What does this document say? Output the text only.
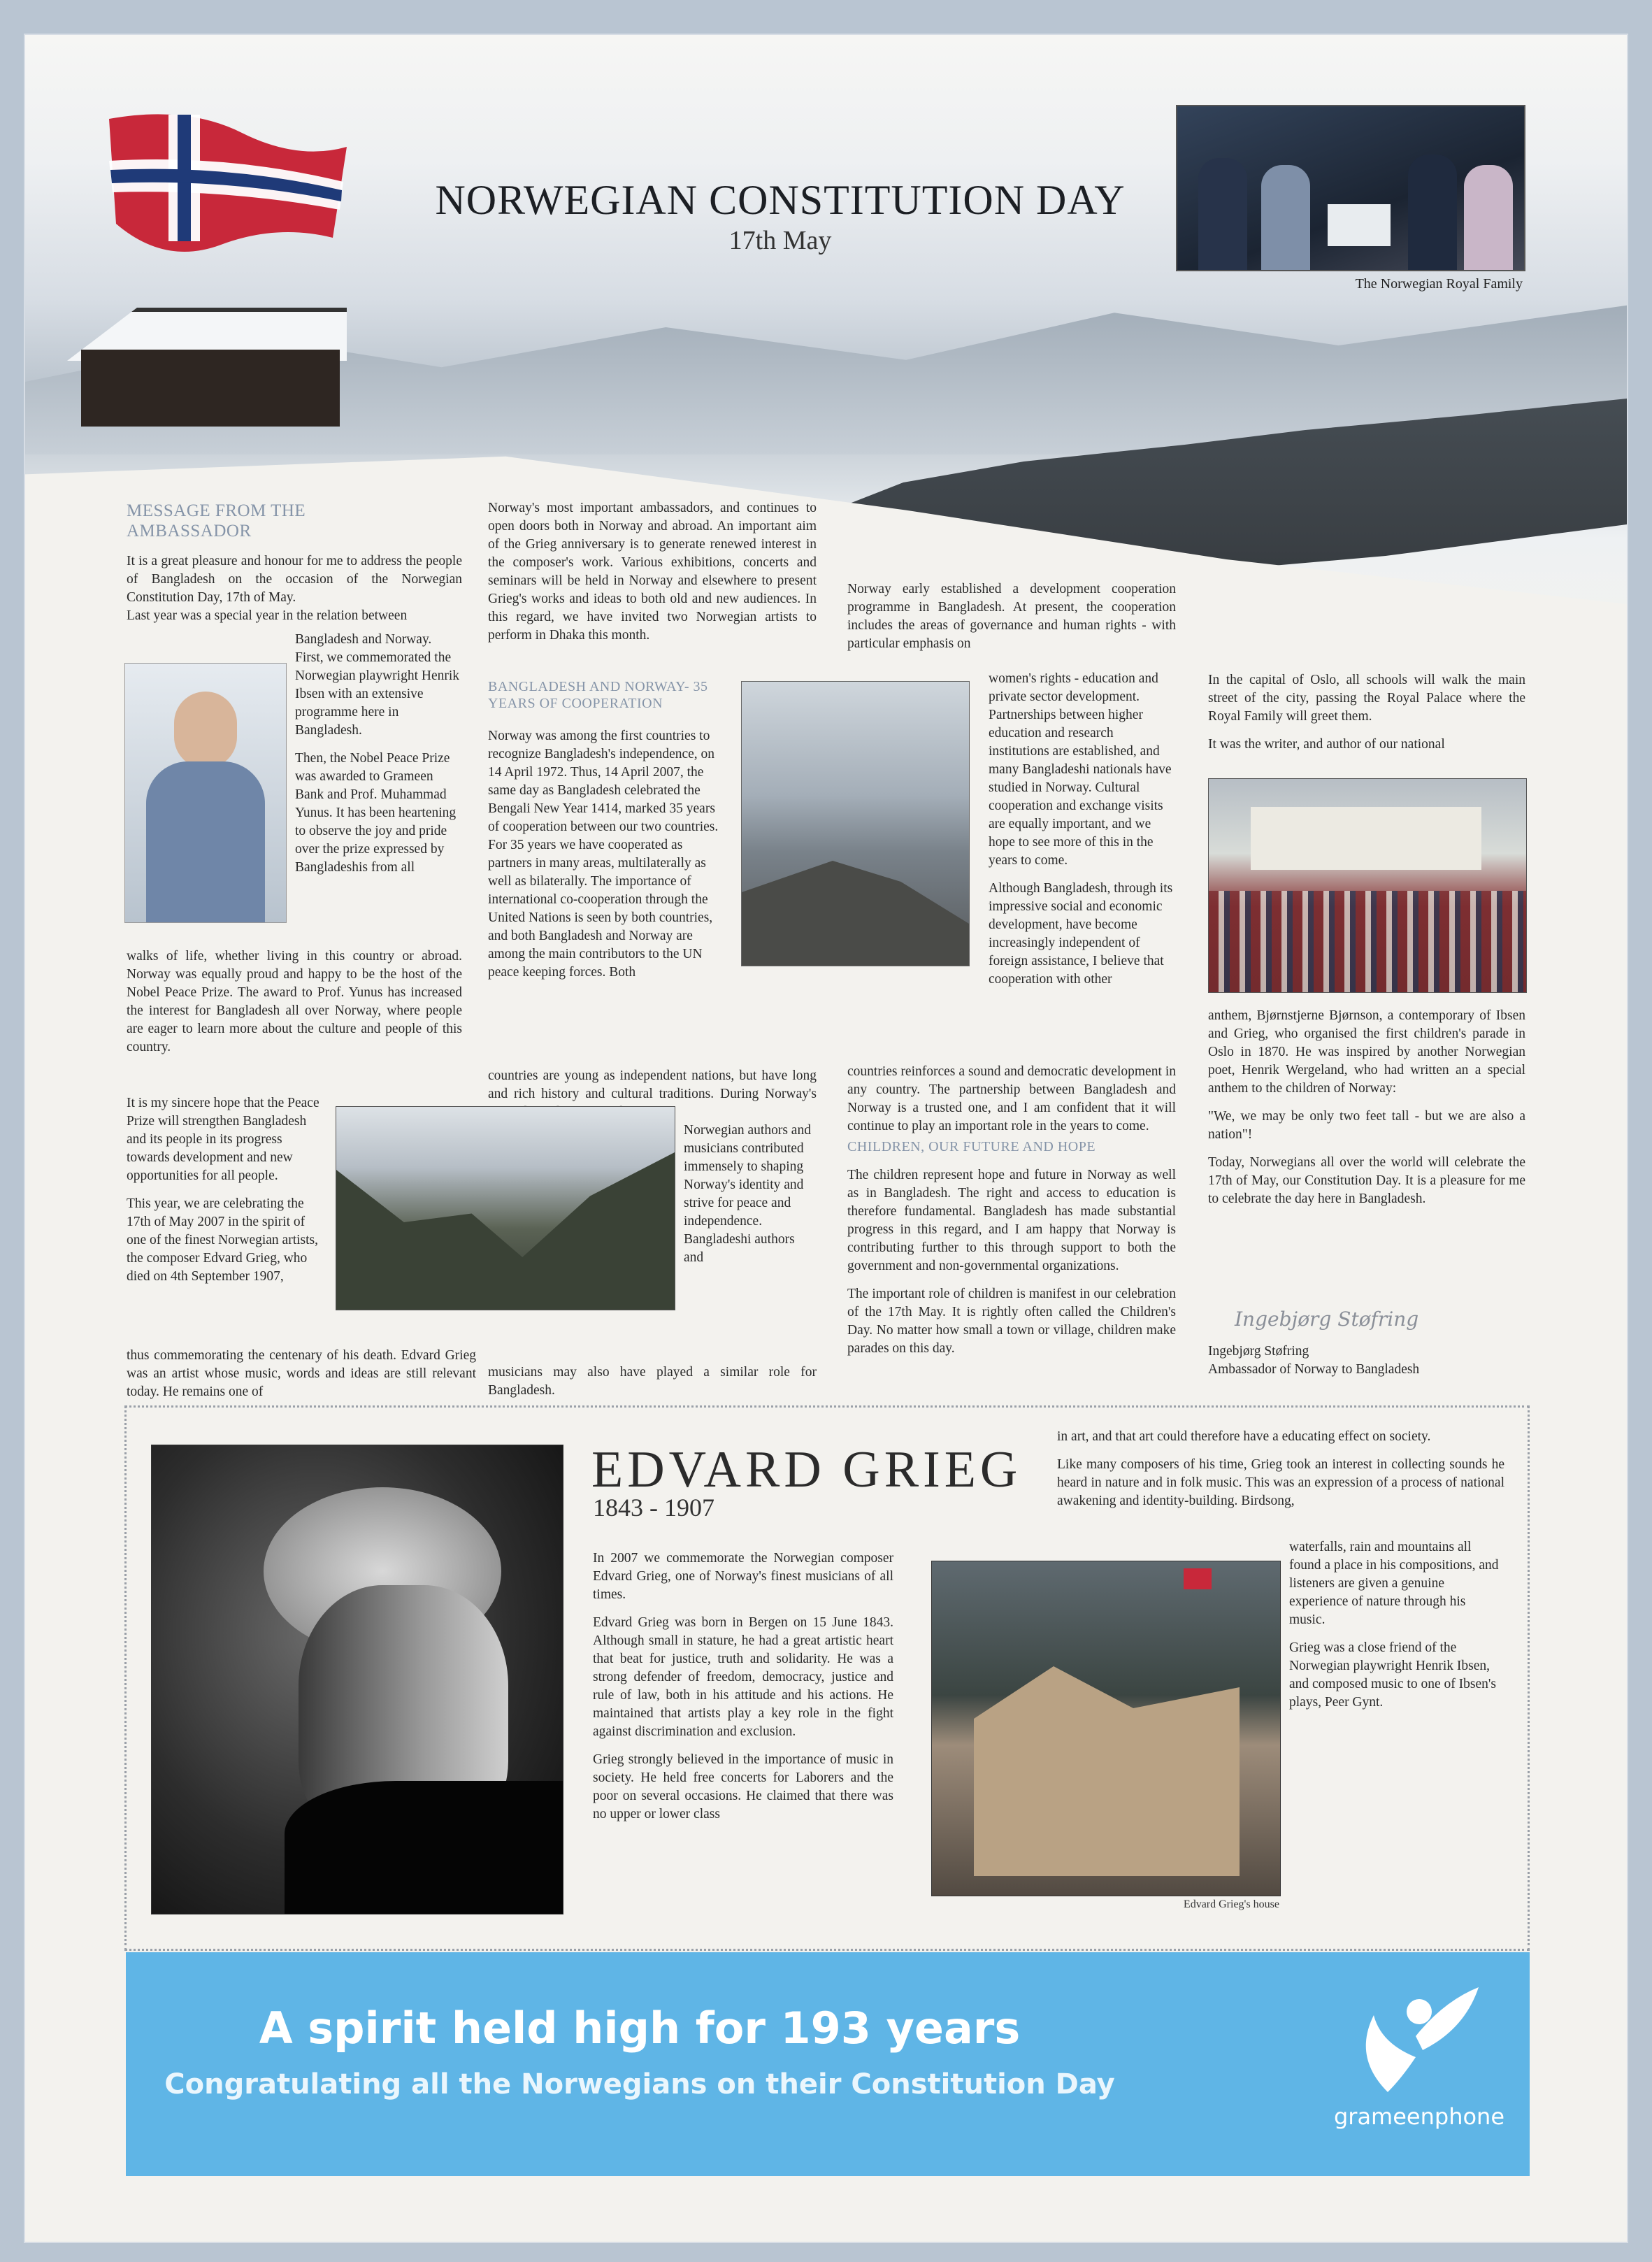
NORWEGIAN CONSTITUTION DAY
17th May
The Norwegian Royal Family
MESSAGE FROM THE AMBASSADOR

It is a great pleasure and honour for me to address the people of Bangladesh on the occasion of the Norwegian Constitution Day, 17th of May.

Last year was a special year in the relation between

Bangladesh and Norway. First, we commemorated the Norwegian playwright Henrik Ibsen with an extensive programme here in Bangladesh.

Then, the Nobel Peace Prize was awarded to Grameen Bank and Prof. Muhammad Yunus. It has been heartening to observe the joy and pride over the prize expressed by Bangladeshis from all

walks of life, whether living in this country or abroad. Norway was equally proud and happy to be the host of the Nobel Peace Prize. The award to Prof. Yunus has increased the interest for Bangladesh all over Norway, where people are eager to learn more about the culture and people of this country.

It is my sincere hope that the Peace Prize will strengthen Bangladesh and its people in its progress towards development and new opportunities for all people.

This year, we are celebrating the 17th of May 2007 in the spirit of one of the finest Norwegian artists, the composer Edvard Grieg, who died on 4th September 1907,

thus commemorating the centenary of his death. Edvard Grieg was an artist whose music, words and ideas are still relevant today. He remains one of
Norway's most important ambassadors, and continues to open doors both in Norway and abroad. An important aim of the Grieg anniversary is to generate renewed interest in the composer's work. Various exhibitions, concerts and seminars will be held in Norway and elsewhere to present Grieg's works and ideas to both old and new audiences. In this regard, we have invited two Norwegian artists to perform in Dhaka this month.
BANGLADESH AND NORWAY- 35 YEARS OF COOPERATION
Norway was among the first countries to recognize Bangladesh's independence, on 14 April 1972. Thus, 14 April 2007, the same day as Bangladesh celebrated the Bengali New Year 1414, marked 35 years of cooperation between our two countries. For 35 years we have cooperated as partners in many areas, multilaterally as well as bilaterally. The importance of international co-cooperation through the United Nations is seen by both countries, and both Bangladesh and Norway are among the main contributors to the UN peace keeping forces. Both
countries are young as independent nations, but have long and rich history and cultural traditions. During Norway's
Norwegian authors and musicians contributed immensely to shaping Norway's identity and strive for peace and independence. Bangladeshi authors and
musicians may also have played a similar role for Bangladesh.
Norway early established a development cooperation programme in Bangladesh. At present, the cooperation includes the areas of governance and human rights - with particular emphasis on

women's rights - education and private sector development. Partnerships between higher education and research institutions are established, and many Bangladeshi nationals have studied in Norway. Cultural cooperation and exchange visits are equally important, and we hope to see more of this in the years to come.

Although Bangladesh, through its impressive social and economic development, have become increasingly independent of foreign assistance, I believe that cooperation with other

countries reinforces a sound and democratic development in any country. The partnership between Bangladesh and Norway is a trusted one, and I am confident that it will continue to play an important role in the years to come.
CHILDREN, OUR FUTURE AND HOPE

The children represent hope and future in Norway as well as in Bangladesh. The right and access to education is therefore fundamental. Bangladesh has made substantial progress in this regard, and I am happy that Norway is contributing further to this through support to both the government and non-governmental organizations.

The important role of children is manifest in our celebration of the 17th May. It is rightly often called the Children's Day. No matter how small a town or village, children make parades on this day.

In the capital of Oslo, all schools will walk the main street of the city, passing the Royal Palace where the Royal Family will greet them.

It was the writer, and author of our national

anthem, Bjørnstjerne Bjørnson, a contemporary of Ibsen and Grieg, who organised the first children's parade in Oslo in 1870. He was inspired by another Norwegian poet, Henrik Wergeland, who had written an a special anthem to the children of Norway:

"We, we may be only two feet tall - but we are also a nation"!

Today, Norwegians all over the world will celebrate the 17th of May, our Constitution Day. It is a pleasure for me to celebrate the day here in Bangladesh.

Ingebjørg Støfring
Ingebjørg Støfring
Ambassador of Norway to Bangladesh
EDVARD GRIEG
1843 - 1907

In 2007 we commemorate the Norwegian composer Edvard Grieg, one of Norway's finest musicians of all times.

Edvard Grieg was born in Bergen on 15 June 1843. Although small in stature, he had a great artistic heart that beat for justice, truth and solidarity. He was a strong defender of freedom, democracy, justice and rule of law, both in his attitude and his actions. He maintained that artists play a key role in the fight against discrimination and exclusion.

Grieg strongly believed in the importance of music in society. He held free concerts for Laborers and the poor on several occasions. He claimed that there was no upper or lower class

in art, and that art could therefore have a educating effect on society.

Like many composers of his time, Grieg took an interest in collecting sounds he heard in nature and in folk music. This was an expression of a process of national awakening and identity-building. Birdsong,

Edvard Grieg's house

waterfalls, rain and mountains all found a place in his compositions, and listeners are given a genuine experience of nature through his music.

Grieg was a close friend of the Norwegian playwright Henrik Ibsen, and composed music to one of Ibsen's plays, Peer Gynt.

A spirit held high for 193 years
Congratulating all the Norwegians on their Constitution Day
grameenphone
